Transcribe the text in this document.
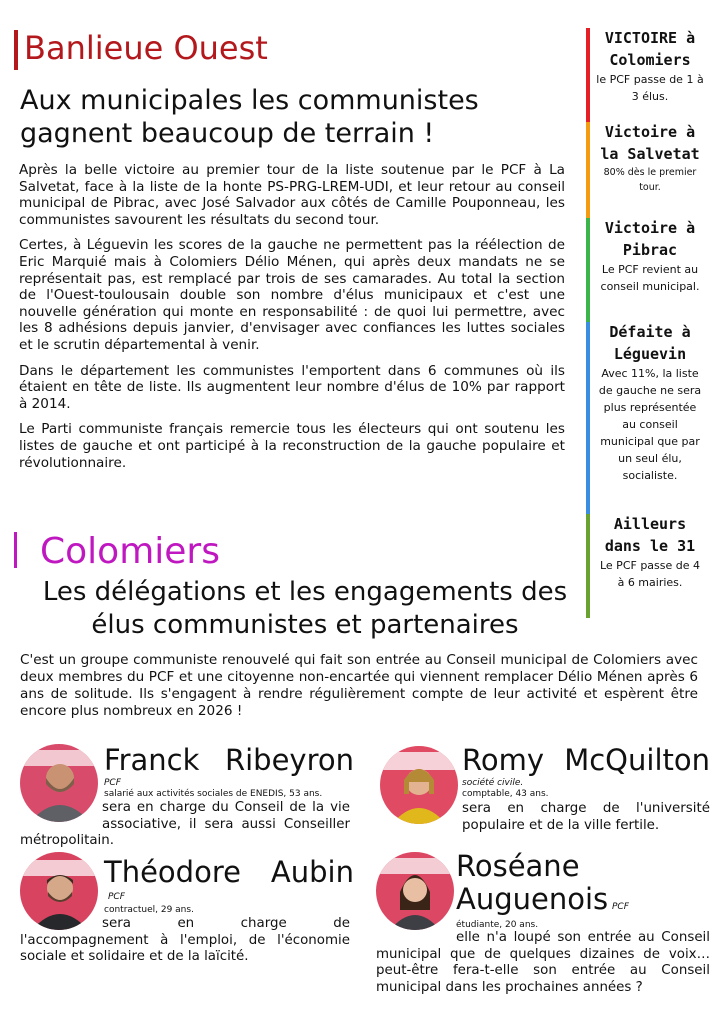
Banlieue Ouest
Aux municipales les communistes gagnent beaucoup de terrain !

Après la belle victoire au premier tour de la liste soutenue par le PCF à La Salvetat, face à la liste de la honte PS-PRG-LREM-UDI, et leur retour au conseil municipal de Pibrac, avec José Salvador aux côtés de Camille Pouponneau, les communistes savourent les résultats du second tour.

Certes, à Léguevin les scores de la gauche ne permettent pas la réélection de Eric Marquié mais à Colomiers Délio Ménen, qui après deux mandats ne se représentait pas, est remplacé par trois de ses camarades. Au total la section de l'Ouest-toulousain double son nombre d'élus municipaux et c'est une nouvelle génération qui monte en responsabilité : de quoi lui permettre, avec les 8 adhésions depuis janvier, d'envisager avec confiances les luttes sociales et le scrutin départemental à venir.

Dans le département les communistes l'emportent dans 6 communes où ils étaient en tête de liste. Ils augmentent leur nombre d'élus de 10% par rapport à 2014.

Le Parti communiste français remercie tous les électeurs qui ont soutenu les listes de gauche et ont participé à la reconstruction de la gauche populaire et révolutionnaire.

VICTOIRE à Colomiers
le PCF passe de 1 à 3 élus.
Victoire à la Salvetat
80% dès le premier tour.
Victoire à Pibrac
Le PCF revient au conseil municipal.
Défaite à Léguevin
Avec 11%, la liste de gauche ne sera plus représentée au conseil municipal que par un seul élu, socialiste.
Ailleurs dans le 31
Le PCF passe de 4 à 6 mairies.
Colomiers
Les délégations et les engagements des élus communistes et partenaires
C'est un groupe communiste renouvelé qui fait son entrée au Conseil municipal de Colomiers avec deux membres du PCF et une citoyenne non-encartée qui viennent remplacer Délio Ménen après 6 ans de solitude. Ils s'engagent à rendre régulièrement compte de leur activité et espèrent être encore plus nombreux en 2026 !
Franck Ribeyron
PCF
salarié aux activités sociales de ENEDIS, 53 ans.
sera en charge du Conseil de la vie associative, il sera aussi Conseiller métropolitain.
Romy McQuilton
société civile.
comptable, 43 ans.
sera en charge de l'université populaire et de la ville fertile.
Théodore Aubin
PCF
contractuel, 29 ans.
sera en charge de l'accompagnement à l'emploi, de l'économie sociale et solidaire et de la laïcité.
Roséane
Auguenois PCF
étudiante, 20 ans.
elle n'a loupé son entrée au Conseil municipal que de quelques dizaines de voix… peut-être fera-t-elle son entrée au Conseil municipal dans les prochaines années ?
